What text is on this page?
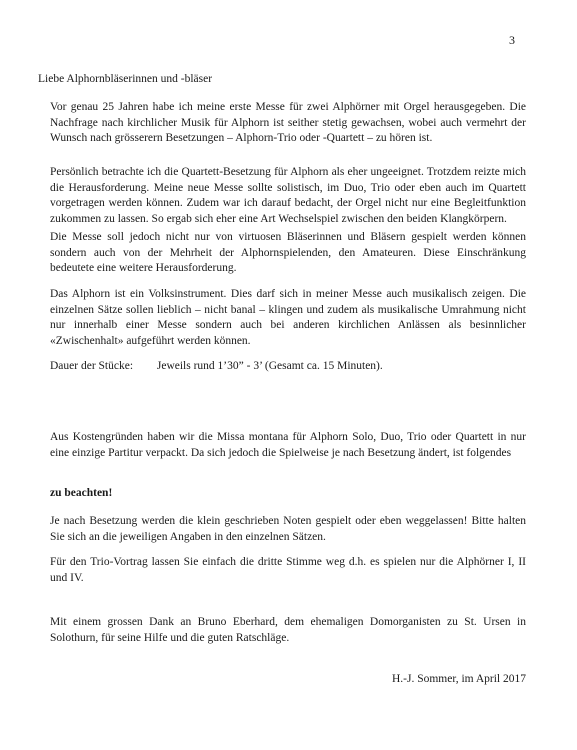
3
Liebe Alphornbläserinnen und -bläser

Vor genau 25 Jahren habe ich meine erste Messe für zwei Alphörner mit Orgel herausgegeben. Die Nachfrage nach kirchlicher Musik für Alphorn ist seither stetig gewachsen, wobei auch vermehrt der Wunsch nach grösserern Besetzungen – Alphorn-Trio oder -Quartett – zu hören ist.

Persönlich betrachte ich die Quartett-Besetzung für Alphorn als eher ungeeignet. Trotzdem reizte mich die Herausforderung. Meine neue Messe sollte solistisch, im Duo, Trio oder eben auch im Quartett vorgetragen werden können. Zudem war ich darauf bedacht, der Orgel nicht nur eine Begleitfunktion zukommen zu lassen. So ergab sich eher eine Art Wechselspiel zwischen den beiden Klangkörpern.

Die Messe soll jedoch nicht nur von virtuosen Bläserinnen und Bläsern gespielt werden können sondern auch von der Mehrheit der Alphornspielenden, den Amateuren. Diese Einschränkung bedeutete eine weitere Herausforderung.

Das Alphorn ist ein Volksinstrument. Dies darf sich in meiner Messe auch musikalisch zeigen. Die einzelnen Sätze sollen lieblich – nicht banal – klingen und zudem als musikalische Umrahmung nicht nur innerhalb einer Messe sondern auch bei anderen kirchlichen Anlässen als besinnlicher «Zwischenhalt» aufgeführt werden können.

Dauer der Stücke: Jeweils rund 1’30” - 3’ (Gesamt ca. 15 Minuten).

Aus Kostengründen haben wir die Missa montana für Alphorn Solo, Duo, Trio oder Quartett in nur eine einzige Partitur verpackt. Da sich jedoch die Spielweise je nach Besetzung ändert, ist folgendes

zu beachten!

Je nach Besetzung werden die klein geschrieben Noten gespielt oder eben weggelassen! Bitte halten Sie sich an die jeweiligen Angaben in den einzelnen Sätzen.

Für den Trio-Vortrag lassen Sie einfach die dritte Stimme weg d.h. es spielen nur die Alphörner I, II und IV.

Mit einem grossen Dank an Bruno Eberhard, dem ehemaligen Domorganisten zu St. Ursen in Solothurn, für seine Hilfe und die guten Ratschläge.

H.-J. Sommer, im April 2017
